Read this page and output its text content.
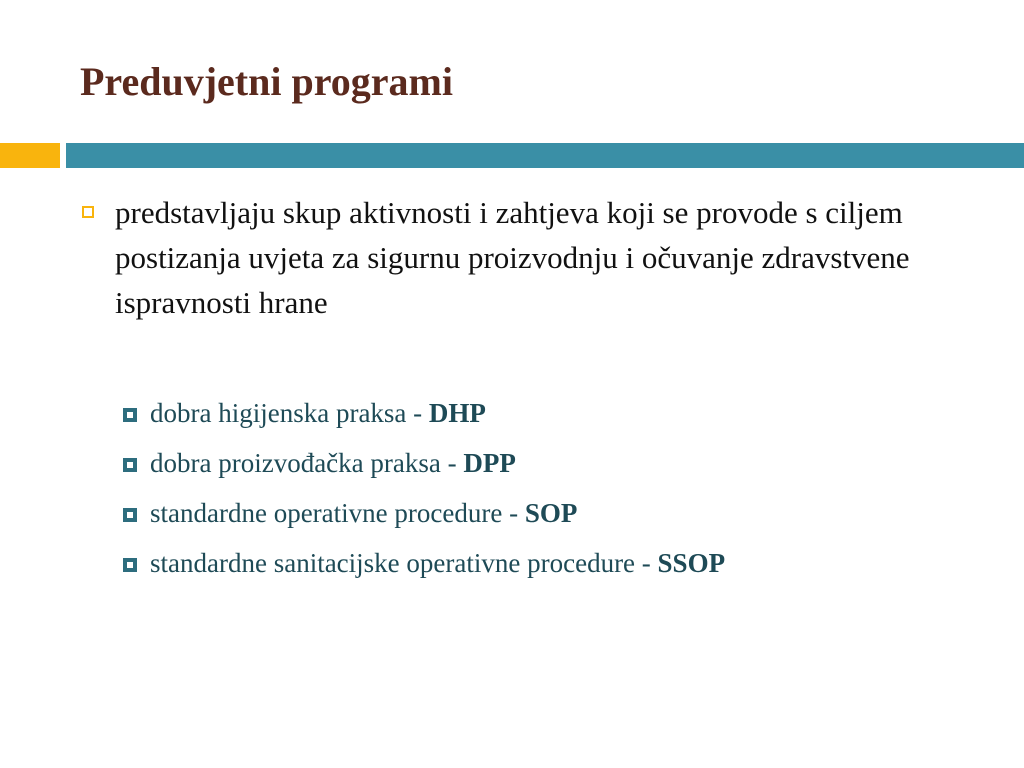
Preduvjetni programi
predstavljaju skup aktivnosti i zahtjeva koji se provode s ciljem postizanja uvjeta za sigurnu proizvodnju i očuvanje zdravstvene ispravnosti hrane
dobra higijenska praksa - DHP
dobra proizvođačka praksa - DPP
standardne operativne procedure - SOP
standardne sanitacijske operativne procedure - SSOP
